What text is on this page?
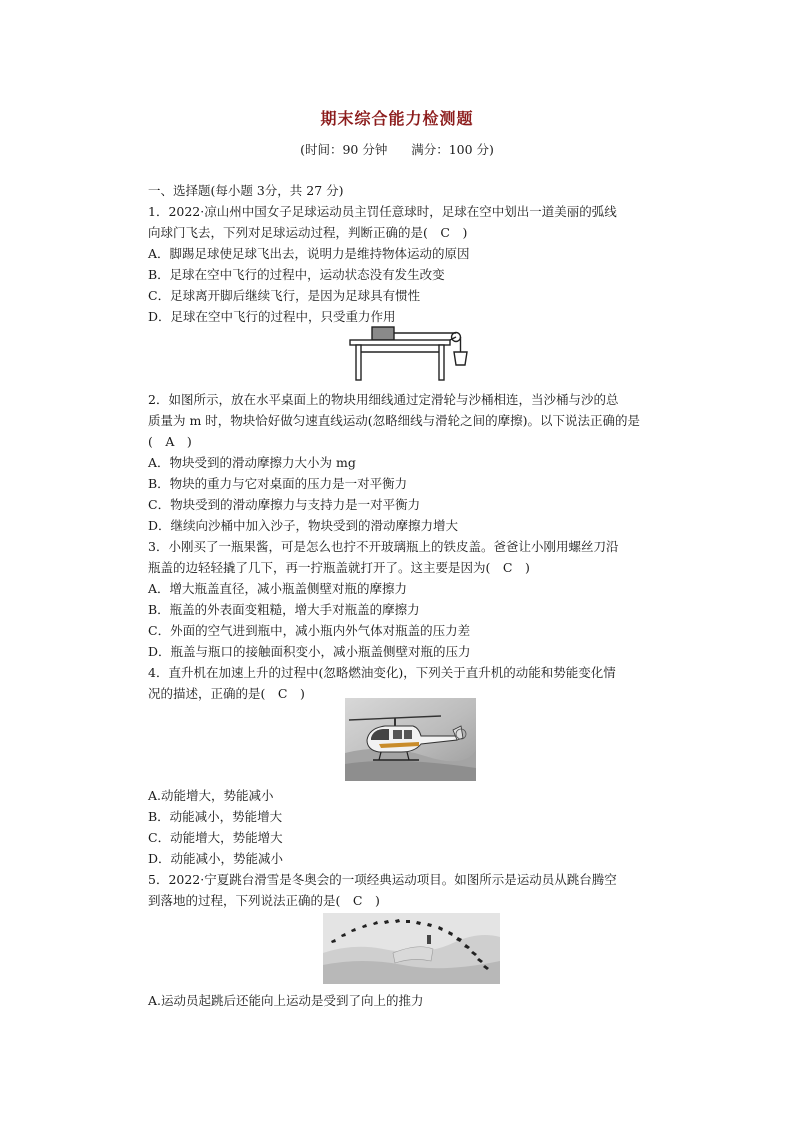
期末综合能力检测题
(时间：90 分钟      满分：100 分)
一、选择题(每小题 3分，共 27 分)
1．2022·凉山州中国女子足球运动员主罚任意球时，足球在空中划出一道美丽的弧线
向球门飞去，下列对足球运动过程，判断正确的是(　C　)
A．脚踢足球使足球飞出去，说明力是维持物体运动的原因
B．足球在空中飞行的过程中，运动状态没有发生改变
C．足球离开脚后继续飞行，是因为足球具有惯性
D．足球在空中飞行的过程中，只受重力作用
2．如图所示，放在水平桌面上的物块用细线通过定滑轮与沙桶相连，当沙桶与沙的总
质量为 m 时，物块恰好做匀速直线运动(忽略细线与滑轮之间的摩擦)。以下说法正确的是
(　A　)
A．物块受到的滑动摩擦力大小为 mg
B．物块的重力与它对桌面的压力是一对平衡力
C．物块受到的滑动摩擦力与支持力是一对平衡力
D．继续向沙桶中加入沙子，物块受到的滑动摩擦力增大
3．小刚买了一瓶果酱，可是怎么也拧不开玻璃瓶上的铁皮盖。爸爸让小刚用螺丝刀沿
瓶盖的边轻轻撬了几下，再一拧瓶盖就打开了。这主要是因为(　C　)
A．增大瓶盖直径，减小瓶盖侧壁对瓶的摩擦力
B．瓶盖的外表面变粗糙，增大手对瓶盖的摩擦力
C．外面的空气进到瓶中，减小瓶内外气体对瓶盖的压力差
D．瓶盖与瓶口的接触面积变小，减小瓶盖侧壁对瓶的压力
4．直升机在加速上升的过程中(忽略燃油变化)，下列关于直升机的动能和势能变化情
况的描述，正确的是(　C　)
A.动能增大，势能减小
B．动能减小，势能增大
C．动能增大，势能增大
D．动能减小，势能减小
5．2022·宁夏跳台滑雪是冬奥会的一项经典运动项目。如图所示是运动员从跳台腾空
到落地的过程，下列说法正确的是(　C　)
A.运动员起跳后还能向上运动是受到了向上的推力
